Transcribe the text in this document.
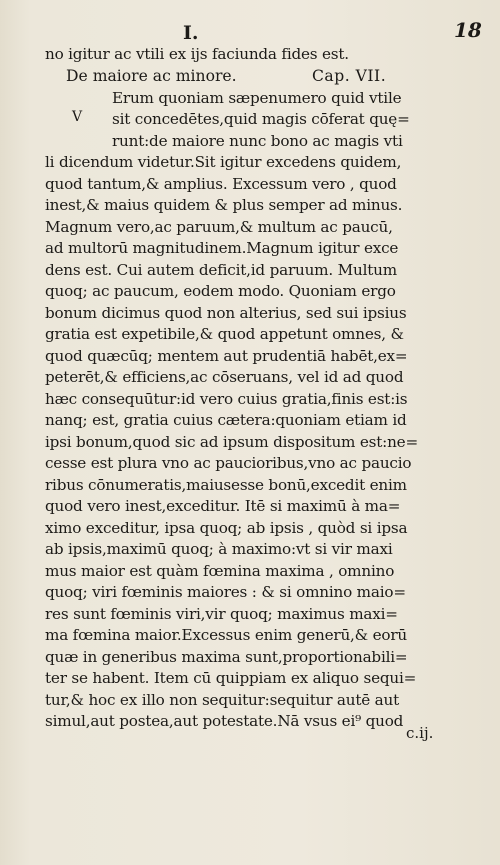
I.	18
no igitur ac vtili ex ijs faciunda fides est.
De maiore ac minore.	Cap. VII.
V
Erum quoniam sæpenumero quid vtile
sit concedētes,quid magis cōferat quę=
runt:de maiore nunc bono ac magis vti
li dicendum videtur.Sit igitur excedens quidem,
quod tantum,& amplius. Excessum vero , quod
inest,& maius quidem & plus semper ad minus.
Magnum vero,ac paruum,& multum ac paucū,
ad multorū magnitudinem.Magnum igitur exce
dens est. Cui autem deficit,id paruum. Multum
quoq; ac paucum, eodem modo. Quoniam ergo
bonum dicimus quod non alterius, sed sui ipsius
gratia est expetibile,& quod appetunt omnes, &
quod quæcūq; mentem aut prudentiā habēt,ex=
peterēt,& efficiens,ac cōseruans, vel id ad quod
hæc consequūtur:id vero cuius gratia,finis est:is
nanq; est, gratia cuius cætera:quoniam etiam id
ipsi bonum,quod sic ad ipsum dispositum est:ne=
cesse est plura vno ac paucioribus,vno ac paucio
ribus cōnumeratis,maiusesse bonū,excedit enim
quod vero inest,exceditur. Itē si maximū à ma=
ximo exceditur, ipsa quoq; ab ipsis , quòd si ipsa
ab ipsis,maximū quoq; à maximo:vt si vir maxi
mus maior est quàm fœmina maxima , omnino
quoq; viri fœminis maiores : & si omnino maio=
res sunt fœminis viri,vir quoq; maximus maxi=
ma fœmina maior.Excessus enim generū,& eorū
quæ in generibus maxima sunt,proportionabili=
ter se habent. Item cū quippiam ex aliquo sequi=
tur,& hoc ex illo non sequitur:sequitur autē aut
simul,aut postea,aut potestate.Nā vsus ei⁹ quod
c.ij.
